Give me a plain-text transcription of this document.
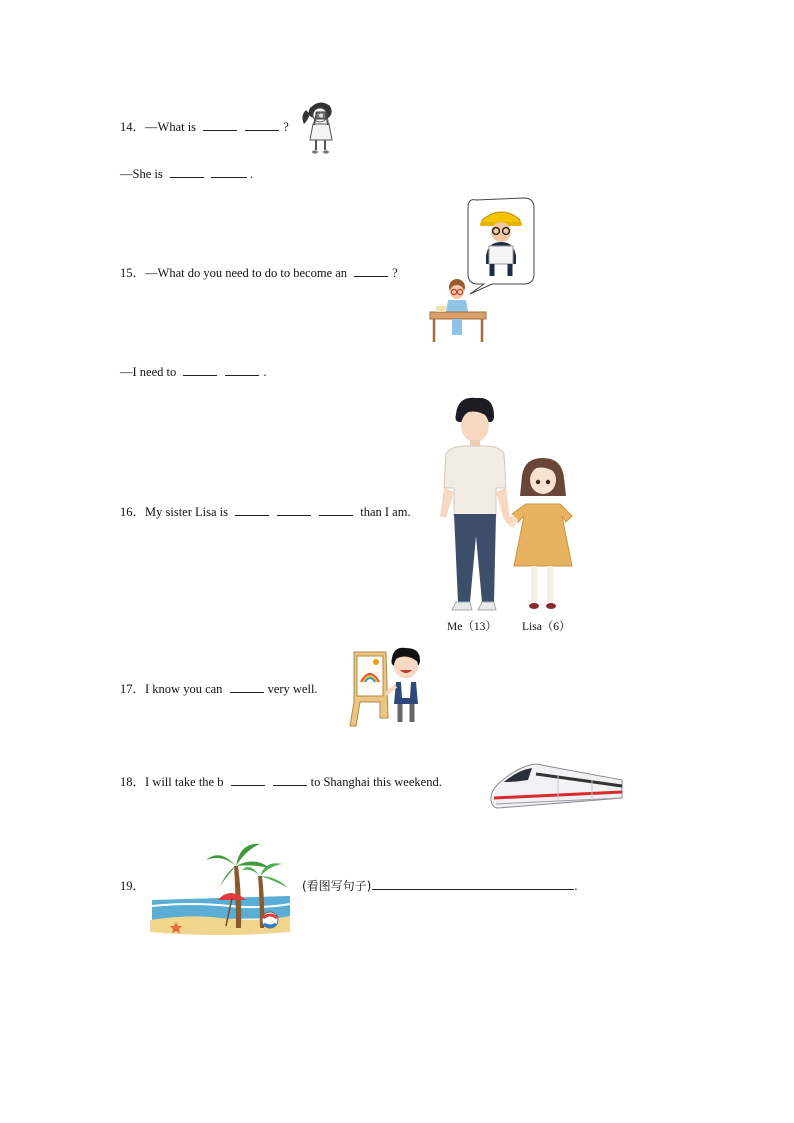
14．—What is	?
—She is	.
15．—What do you need to do to become an	?
—I need to	.
16．My sister Lisa is	than I am.
Me（13） Lisa（6）
17．I know you can	very well.
18．I will take the b	to Shanghai this weekend.
19．	(看图写句子)	.
